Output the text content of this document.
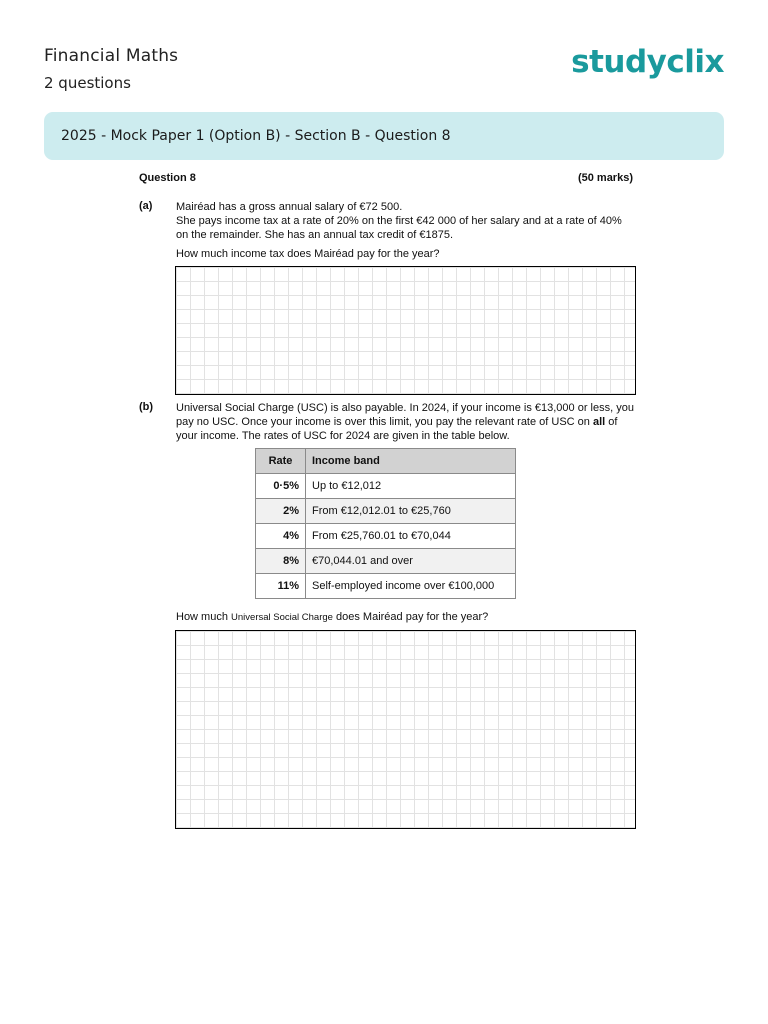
Financial Maths
2 questions
studyclix
2025 - Mock Paper 1 (Option B) - Section B - Question 8
Question 8	(50 marks)
(a) Mairéad has a gross annual salary of €72 500.

She pays income tax at a rate of 20% on the first €42 000 of her salary and at a rate of 40%

on the remainder. She has an annual tax credit of €1875.

How much income tax does Mairéad pay for the year?
(b) Universal Social Charge (USC) is also payable. In 2024, if your income is €13,000 or less, you

pay no USC. Once your income is over this limit, you pay the relevant rate of USC on all of

your income. The rates of USC for 2024 are given in the table below.

Rate	Income band
0·5%	Up to €12,012
2%	From €12,012.01 to €25,760
4%	From €25,760.01 to €70,044
8%	€70,044.01 and over
11%	Self-employed income over €100,000
How much Universal Social Charge does Mairéad pay for the year?
